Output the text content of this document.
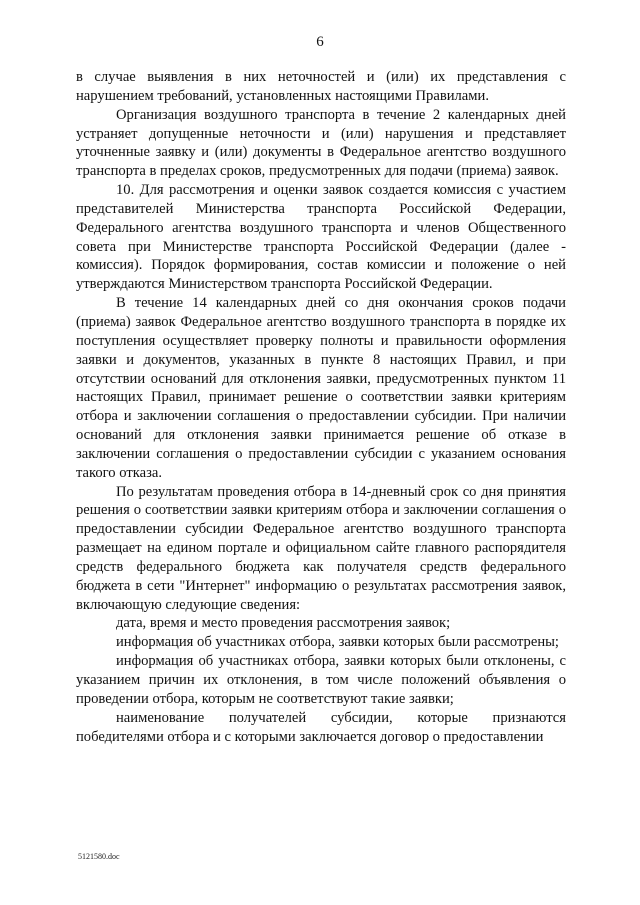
6

в случае выявления в них неточностей и (или) их представления с нарушением требований, установленных настоящими Правилами.

Организация воздушного транспорта в течение 2 календарных дней устраняет допущенные неточности и (или) нарушения и представляет уточненные заявку и (или) документы в Федеральное агентство воздушного транспорта в пределах сроков, предусмотренных для подачи (приема) заявок.

10. Для рассмотрения и оценки заявок создается комиссия с участием представителей Министерства транспорта Российской Федерации, Федерального агентства воздушного транспорта и членов Общественного совета при Министерстве транспорта Российской Федерации (далее - комиссия). Порядок формирования, состав комиссии и положение о ней утверждаются Министерством транспорта Российской Федерации.

В течение 14 календарных дней со дня окончания сроков подачи (приема) заявок Федеральное агентство воздушного транспорта в порядке их поступления осуществляет проверку полноты и правильности оформления заявки и документов, указанных в пункте 8 настоящих Правил, и при отсутствии оснований для отклонения заявки, предусмотренных пунктом 11 настоящих Правил, принимает решение о соответствии заявки критериям отбора и заключении соглашения о предоставлении субсидии. При наличии оснований для отклонения заявки принимается решение об отказе в заключении соглашения о предоставлении субсидии с указанием основания такого отказа.

По результатам проведения отбора в 14-дневный срок со дня принятия решения о соответствии заявки критериям отбора и заключении соглашения о предоставлении субсидии Федеральное агентство воздушного транспорта размещает на едином портале и официальном сайте главного распорядителя средств федерального бюджета как получателя средств федерального бюджета в сети "Интернет" информацию о результатах рассмотрения заявок, включающую следующие сведения:

дата, время и место проведения рассмотрения заявок;

информация об участниках отбора, заявки которых были рассмотрены;

информация об участниках отбора, заявки которых были отклонены, с указанием причин их отклонения, в том числе положений объявления о проведении отбора, которым не соответствуют такие заявки;

наименование получателей субсидии, которые признаются победителями отбора и с которыми заключается договор о предоставлении

5121580.doc
